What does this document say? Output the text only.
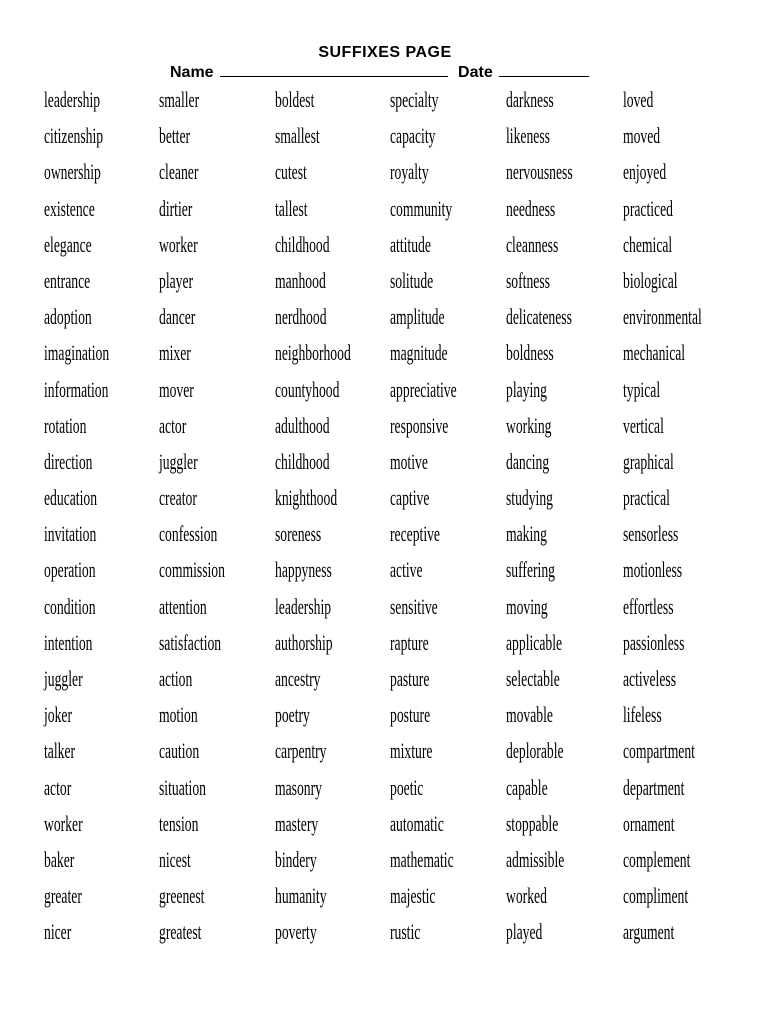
SUFFIXES PAGE
Name	Date
leadership
citizenship
ownership
existence
elegance
entrance
adoption
imagination
information
rotation
direction
education
invitation
operation
condition
intention
juggler
joker
talker
actor
worker
baker
greater
nicer
smaller
better
cleaner
dirtier
worker
player
dancer
mixer
mover
actor
juggler
creator
confession
commission
attention
satisfaction
action
motion
caution
situation
tension
nicest
greenest
greatest
boldest
smallest
cutest
tallest
childhood
manhood
nerdhood
neighborhood
countyhood
adulthood
childhood
knighthood
soreness
happyness
leadership
authorship
ancestry
poetry
carpentry
masonry
mastery
bindery
humanity
poverty
specialty
capacity
royalty
community
attitude
solitude
amplitude
magnitude
appreciative
responsive
motive
captive
receptive
active
sensitive
rapture
pasture
posture
mixture
poetic
automatic
mathematic
majestic
rustic
darkness
likeness
nervousness
needness
cleanness
softness
delicateness
boldness
playing
working
dancing
studying
making
suffering
moving
applicable
selectable
movable
deplorable
capable
stoppable
admissible
worked
played
loved
moved
enjoyed
practiced
chemical
biological
environmental
mechanical
typical
vertical
graphical
practical
sensorless
motionless
effortless
passionless
activeless
lifeless
compartment
department
ornament
complement
compliment
argument
